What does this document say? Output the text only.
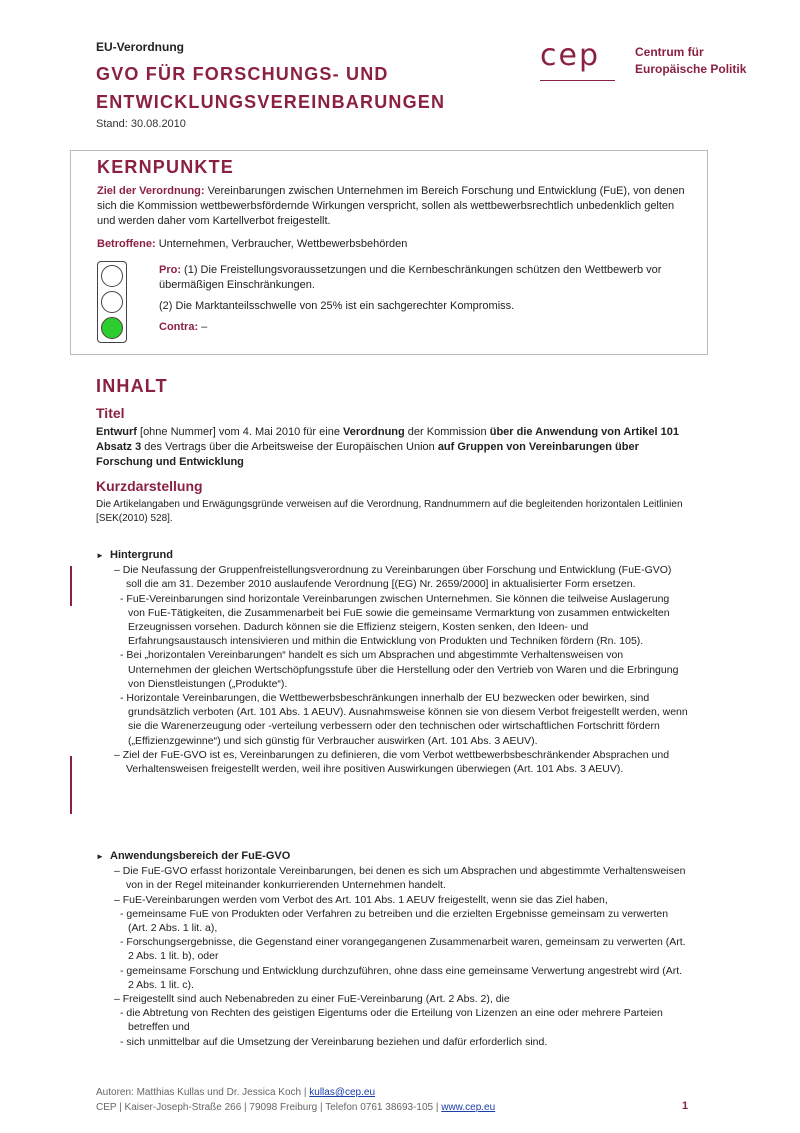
EU-Verordnung
GVO FÜR FORSCHUNGS- UND
ENTWICKLUNGSVEREINBARUNGEN
Stand: 30.08.2010
cep	Centrum für
Europäische Politik
KERNPUNKTE

Ziel der Verordnung: Vereinbarungen zwischen Unternehmen im Bereich Forschung und Entwicklung (FuE), von denen sich die Kommission wettbewerbsfördernde Wirkungen verspricht, sollen als wettbewerbsrechtlich unbedenklich gelten und werden daher vom Kartellverbot freigestellt.

Betroffene: Unternehmen, Verbraucher, Wettbewerbsbehörden

Pro: (1) Die Freistellungsvoraussetzungen und die Kernbeschränkungen schützen den Wettbewerb vor übermäßigen Einschränkungen.

(2) Die Marktanteilsschwelle von 25% ist ein sachgerechter Kompromiss.

Contra: –

INHALT
Titel

Entwurf [ohne Nummer] vom 4. Mai 2010 für eine Verordnung der Kommission über die Anwendung von Artikel 101 Absatz 3 des Vertrags über die Arbeitsweise der Europäischen Union auf Gruppen von Vereinbarungen über Forschung und Entwicklung

Kurzdarstellung

Die Artikelangaben und Erwägungsgründe verweisen auf die Verordnung, Randnummern auf die begleitenden horizontalen Leitlinien [SEK(2010) 528].

► Hintergrund
– Die Neufassung der Gruppenfreistellungsverordnung zu Vereinbarungen über Forschung und Entwicklung (FuE-GVO) soll die am 31. Dezember 2010 auslaufende Verordnung [(EG) Nr. 2659/2000] in aktualisierter Form ersetzen.
- FuE-Vereinbarungen sind horizontale Vereinbarungen zwischen Unternehmen. Sie können die teilweise Auslagerung von FuE-Tätigkeiten, die Zusammenarbeit bei FuE sowie die gemeinsame Vermarktung von zusammen entwickelten Erzeugnissen vorsehen. Dadurch können sie die Effizienz steigern, Kosten senken, den Ideen- und Erfahrungsaustausch intensivieren und mithin die Entwicklung von Produkten und Techniken fördern (Rn. 105).
- Bei „horizontalen Vereinbarungen“ handelt es sich um Absprachen und abgestimmte Verhaltensweisen von Unternehmen der gleichen Wertschöpfungsstufe über die Herstellung oder den Vertrieb von Waren und die Erbringung von Dienstleistungen („Produkte“).
- Horizontale Vereinbarungen, die Wettbewerbsbeschränkungen innerhalb der EU bezwecken oder bewirken, sind grundsätzlich verboten (Art. 101 Abs. 1 AEUV). Ausnahmsweise können sie von diesem Verbot freigestellt werden, wenn sie die Warenerzeugung oder -verteilung verbessern oder den technischen oder wirtschaftlichen Fortschritt fördern („Effizienzgewinne“) und sich günstig für Verbraucher auswirken (Art. 101 Abs. 3 AEUV).
– Ziel der FuE-GVO ist es, Vereinbarungen zu definieren, die vom Verbot wettbewerbsbeschränkender Absprachen und Verhaltensweisen freigestellt werden, weil ihre positiven Auswirkungen überwiegen (Art. 101 Abs. 3 AEUV).
► Anwendungsbereich der FuE-GVO
– Die FuE-GVO erfasst horizontale Vereinbarungen, bei denen es sich um Absprachen und abgestimmte Verhaltensweisen von in der Regel miteinander konkurrierenden Unternehmen handelt.
– FuE-Vereinbarungen werden vom Verbot des Art. 101 Abs. 1 AEUV freigestellt, wenn sie das Ziel haben,
- gemeinsame FuE von Produkten oder Verfahren zu betreiben und die erzielten Ergebnisse gemeinsam zu verwerten (Art. 2 Abs. 1 lit. a),
- Forschungsergebnisse, die Gegenstand einer vorangegangenen Zusammenarbeit waren, gemeinsam zu verwerten (Art. 2 Abs. 1 lit. b), oder
- gemeinsame Forschung und Entwicklung durchzuführen, ohne dass eine gemeinsame Verwertung angestrebt wird (Art. 2 Abs. 1 lit. c).
– Freigestellt sind auch Nebenabreden zu einer FuE-Vereinbarung (Art. 2 Abs. 2), die
- die Abtretung von Rechten des geistigen Eigentums oder die Erteilung von Lizenzen an eine oder mehrere Parteien betreffen und
- sich unmittelbar auf die Umsetzung der Vereinbarung beziehen und dafür erforderlich sind.
Autoren: Matthias Kullas und Dr. Jessica Koch | kullas@cep.eu
CEP | Kaiser-Joseph-Straße 266 | 79098 Freiburg | Telefon 0761 38693-105 | www.cep.eu	1
